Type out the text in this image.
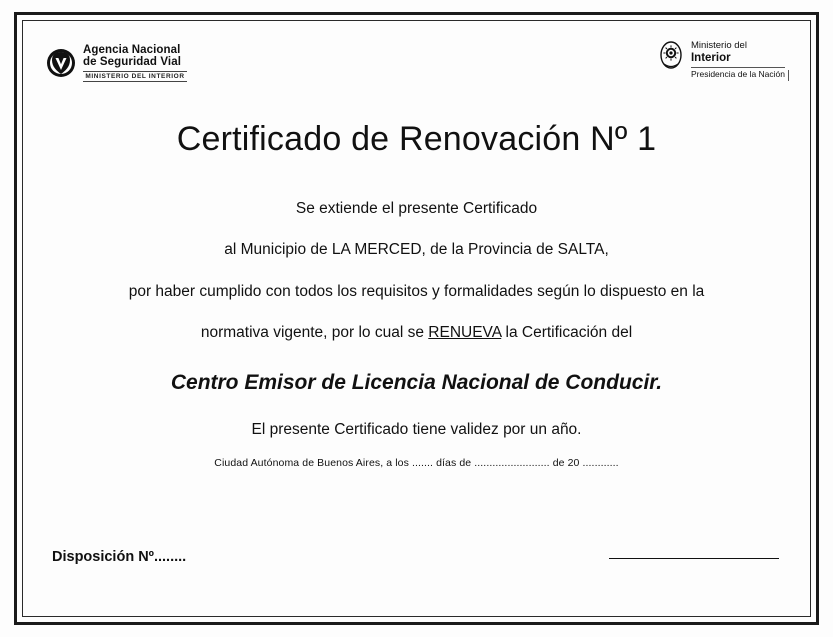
Agencia Nacional
de Seguridad Vial
MINISTERIO DEL INTERIOR
Ministerio del
Interior
Presidencia de la Nación
Certificado de Renovación Nº 1
Se extiende el presente Certificado
al Municipio de LA MERCED, de la Provincia de SALTA,
por haber cumplido con todos los requisitos y formalidades según lo dispuesto en la
normativa vigente, por lo cual se RENUEVA la Certificación del
Centro Emisor de Licencia Nacional de Conducir.
El presente Certificado tiene validez por un año.
Ciudad Autónoma de Buenos Aires, a los ....... días de ......................... de 20 ............
Disposición Nº........
